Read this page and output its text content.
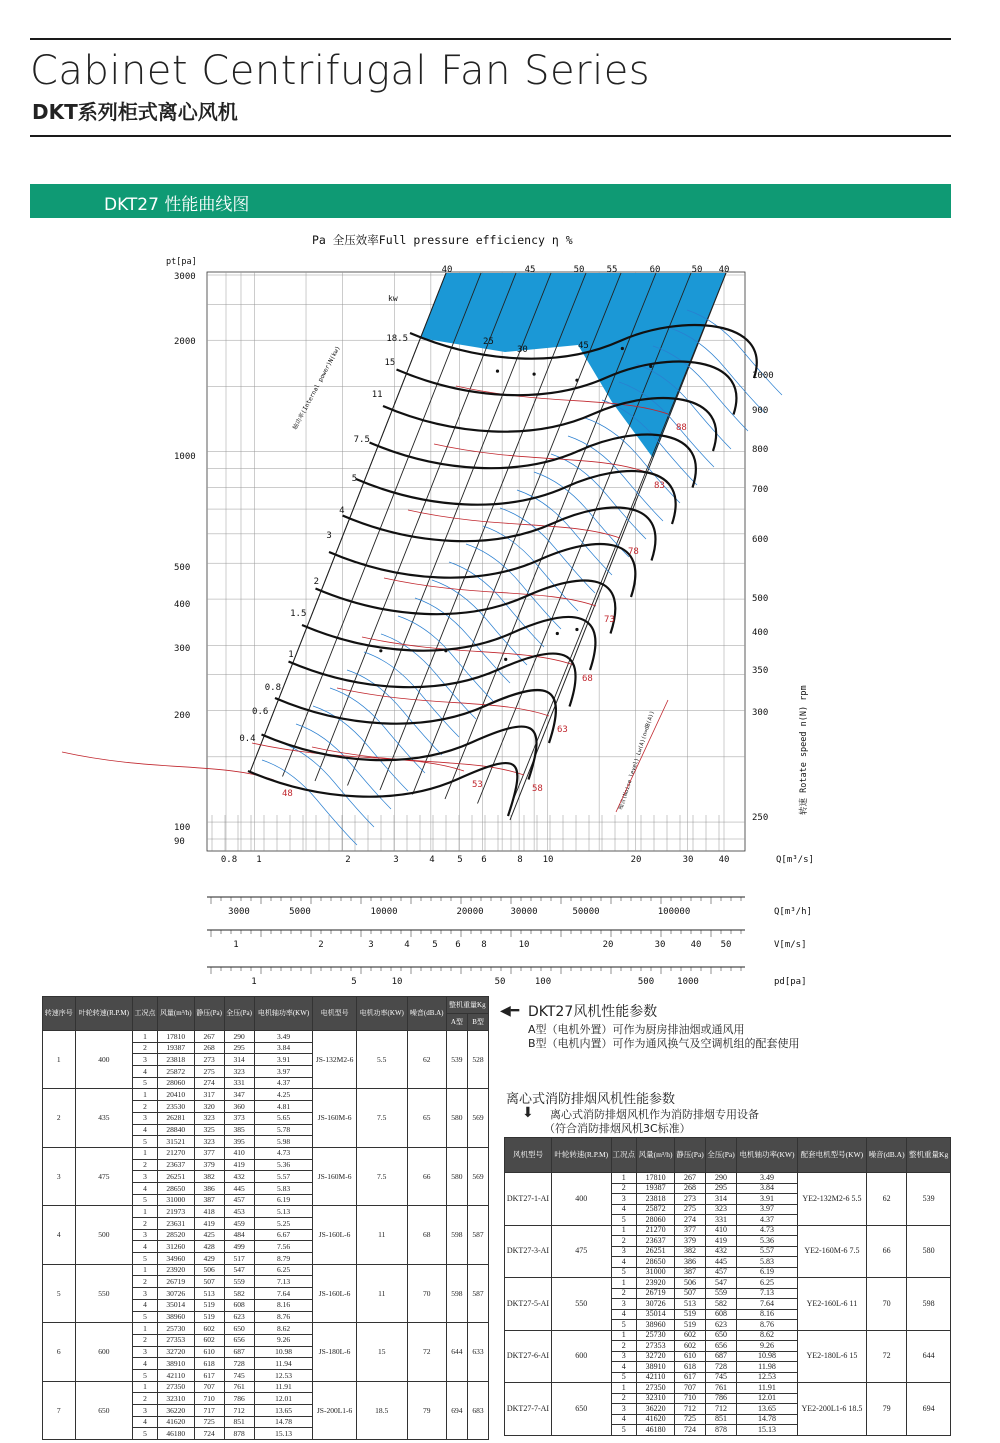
Cabinet Centrifugal Fan Series
DKT系列柜式离心风机
DKT27 性能曲线图
Pa 全压效率Full pressure efficiency η %
pt[pa]
3000
2000
1000
500
400
300
200
100
90
0.8 1	2	3	4	5 6	8 10	20	30	40	Q[m³/s]
40	45	50 55	60	50 40
kw
18.5
15
11
7.5
5
4
3
2
1.5
1
0.8
0.6
0.4
轴功率(Internal power)N(kw)	1000
900
800
700
600
500
400
350
300
250
转速 Rotate speed n(N) rpm
88
83
78
73
68
63
58
53
48
25
30	45
噪音(Noise level) Lw(A)(n=dB(A))
3000	5000	10000	20000	30000	50000	100000	Q[m³/h]
1	2	3	4	5 6 8	10	20	30	40 50	V[m/s]
1	5	10	50	100	500	1000	pd[pa]
转速序号	叶轮转速(R.P.M)	工况点	风量(m³/h)	静压(Pa)	全压(Pa)	电机轴功率(KW)	电机型号	电机功率(KW)	噪音(dB.A)	整机重量Kg	
										A型	B型
1	400	1	17810	267	290	3.49	JS-132M2-6	5.5	62	539	528
		2	19387	268	295	3.84					
		3	23818	273	314	3.91					
		4	25872	275	323	3.97					
		5	28060	274	331	4.37					
2	435	1	20410	317	347	4.25	JS-160M-6	7.5	65	580	569
		2	23530	320	360	4.81					
		3	26281	323	373	5.65					
		4	28840	325	385	5.78					
		5	31521	323	395	5.98					
3	475	1	21270	377	410	4.73	JS-160M-6	7.5	66	580	569
		2	23637	379	419	5.36					
		3	26251	382	432	5.57					
		4	28650	386	445	5.83					
		5	31000	387	457	6.19					
4	500	1	21973	418	453	5.13	JS-160L-6	11	68	598	587
		2	23631	419	459	5.25					
		3	28520	425	484	6.67					
		4	31260	428	499	7.56					
		5	34960	429	517	8.79					
5	550	1	23920	506	547	6.25	JS-160L-6	11	70	598	587
		2	26719	507	559	7.13					
		3	30726	513	582	7.64					
		4	35014	519	608	8.16					
		5	38960	519	623	8.76					
6	600	1	25730	602	650	8.62	JS-180L-6	15	72	644	633
		2	27353	602	656	9.26					
		3	32720	610	687	10.98					
		4	38910	618	728	11.94					
		5	42110	617	745	12.53					
7	650	1	27350	707	761	11.91	JS-200L1-6	18.5	79	694	683
		2	32310	710	786	12.01					
		3	36220	717	712	13.65					
		4	41620	725	851	14.78					
		5	46180	724	878	15.13					
◀━ DKT27风机性能参数
A型（电机外置）可作为厨房排油烟或通风用
B型（电机内置）可作为通风换气及空调机组的配套使用
离心式消防排烟风机性能参数
⬇ 离心式消防排烟风机作为消防排烟专用设备
（符合消防排烟风机3C标准）
风机型号	叶轮转速(R.P.M)	工况点	风量(m³/h)	静压(Pa)	全压(Pa)	电机轴功率(KW)	配套电机型号(KW)	噪音(dB.A)	整机重量Kg
DKT27-1-AI	400	1	17810	267	290	3.49	YE2-132M2-6 5.5	62	539
		2	19387	268	295	3.84			
		3	23818	273	314	3.91			
		4	25872	275	323	3.97			
		5	28060	274	331	4.37			
DKT27-3-AI	475	1	21270	377	410	4.73	YE2-160M-6 7.5	66	580
		2	23637	379	419	5.36			
		3	26251	382	432	5.57			
		4	28650	386	445	5.83			
		5	31000	387	457	6.19			
DKT27-5-AI	550	1	23920	506	547	6.25	YE2-160L-6 11	70	598
		2	26719	507	559	7.13			
		3	30726	513	582	7.64			
		4	35014	519	608	8.16			
		5	38960	519	623	8.76			
DKT27-6-AI	600	1	25730	602	650	8.62	YE2-180L-6 15	72	644
		2	27353	602	656	9.26			
		3	32720	610	687	10.98			
		4	38910	618	728	11.98			
		5	42110	617	745	12.53			
DKT27-7-AI	650	1	27350	707	761	11.91	YE2-200L1-6 18.5	79	694
		2	32310	710	786	12.01			
		3	36220	712	712	13.65			
		4	41620	725	851	14.78			
		5	46180	724	878	15.13			
